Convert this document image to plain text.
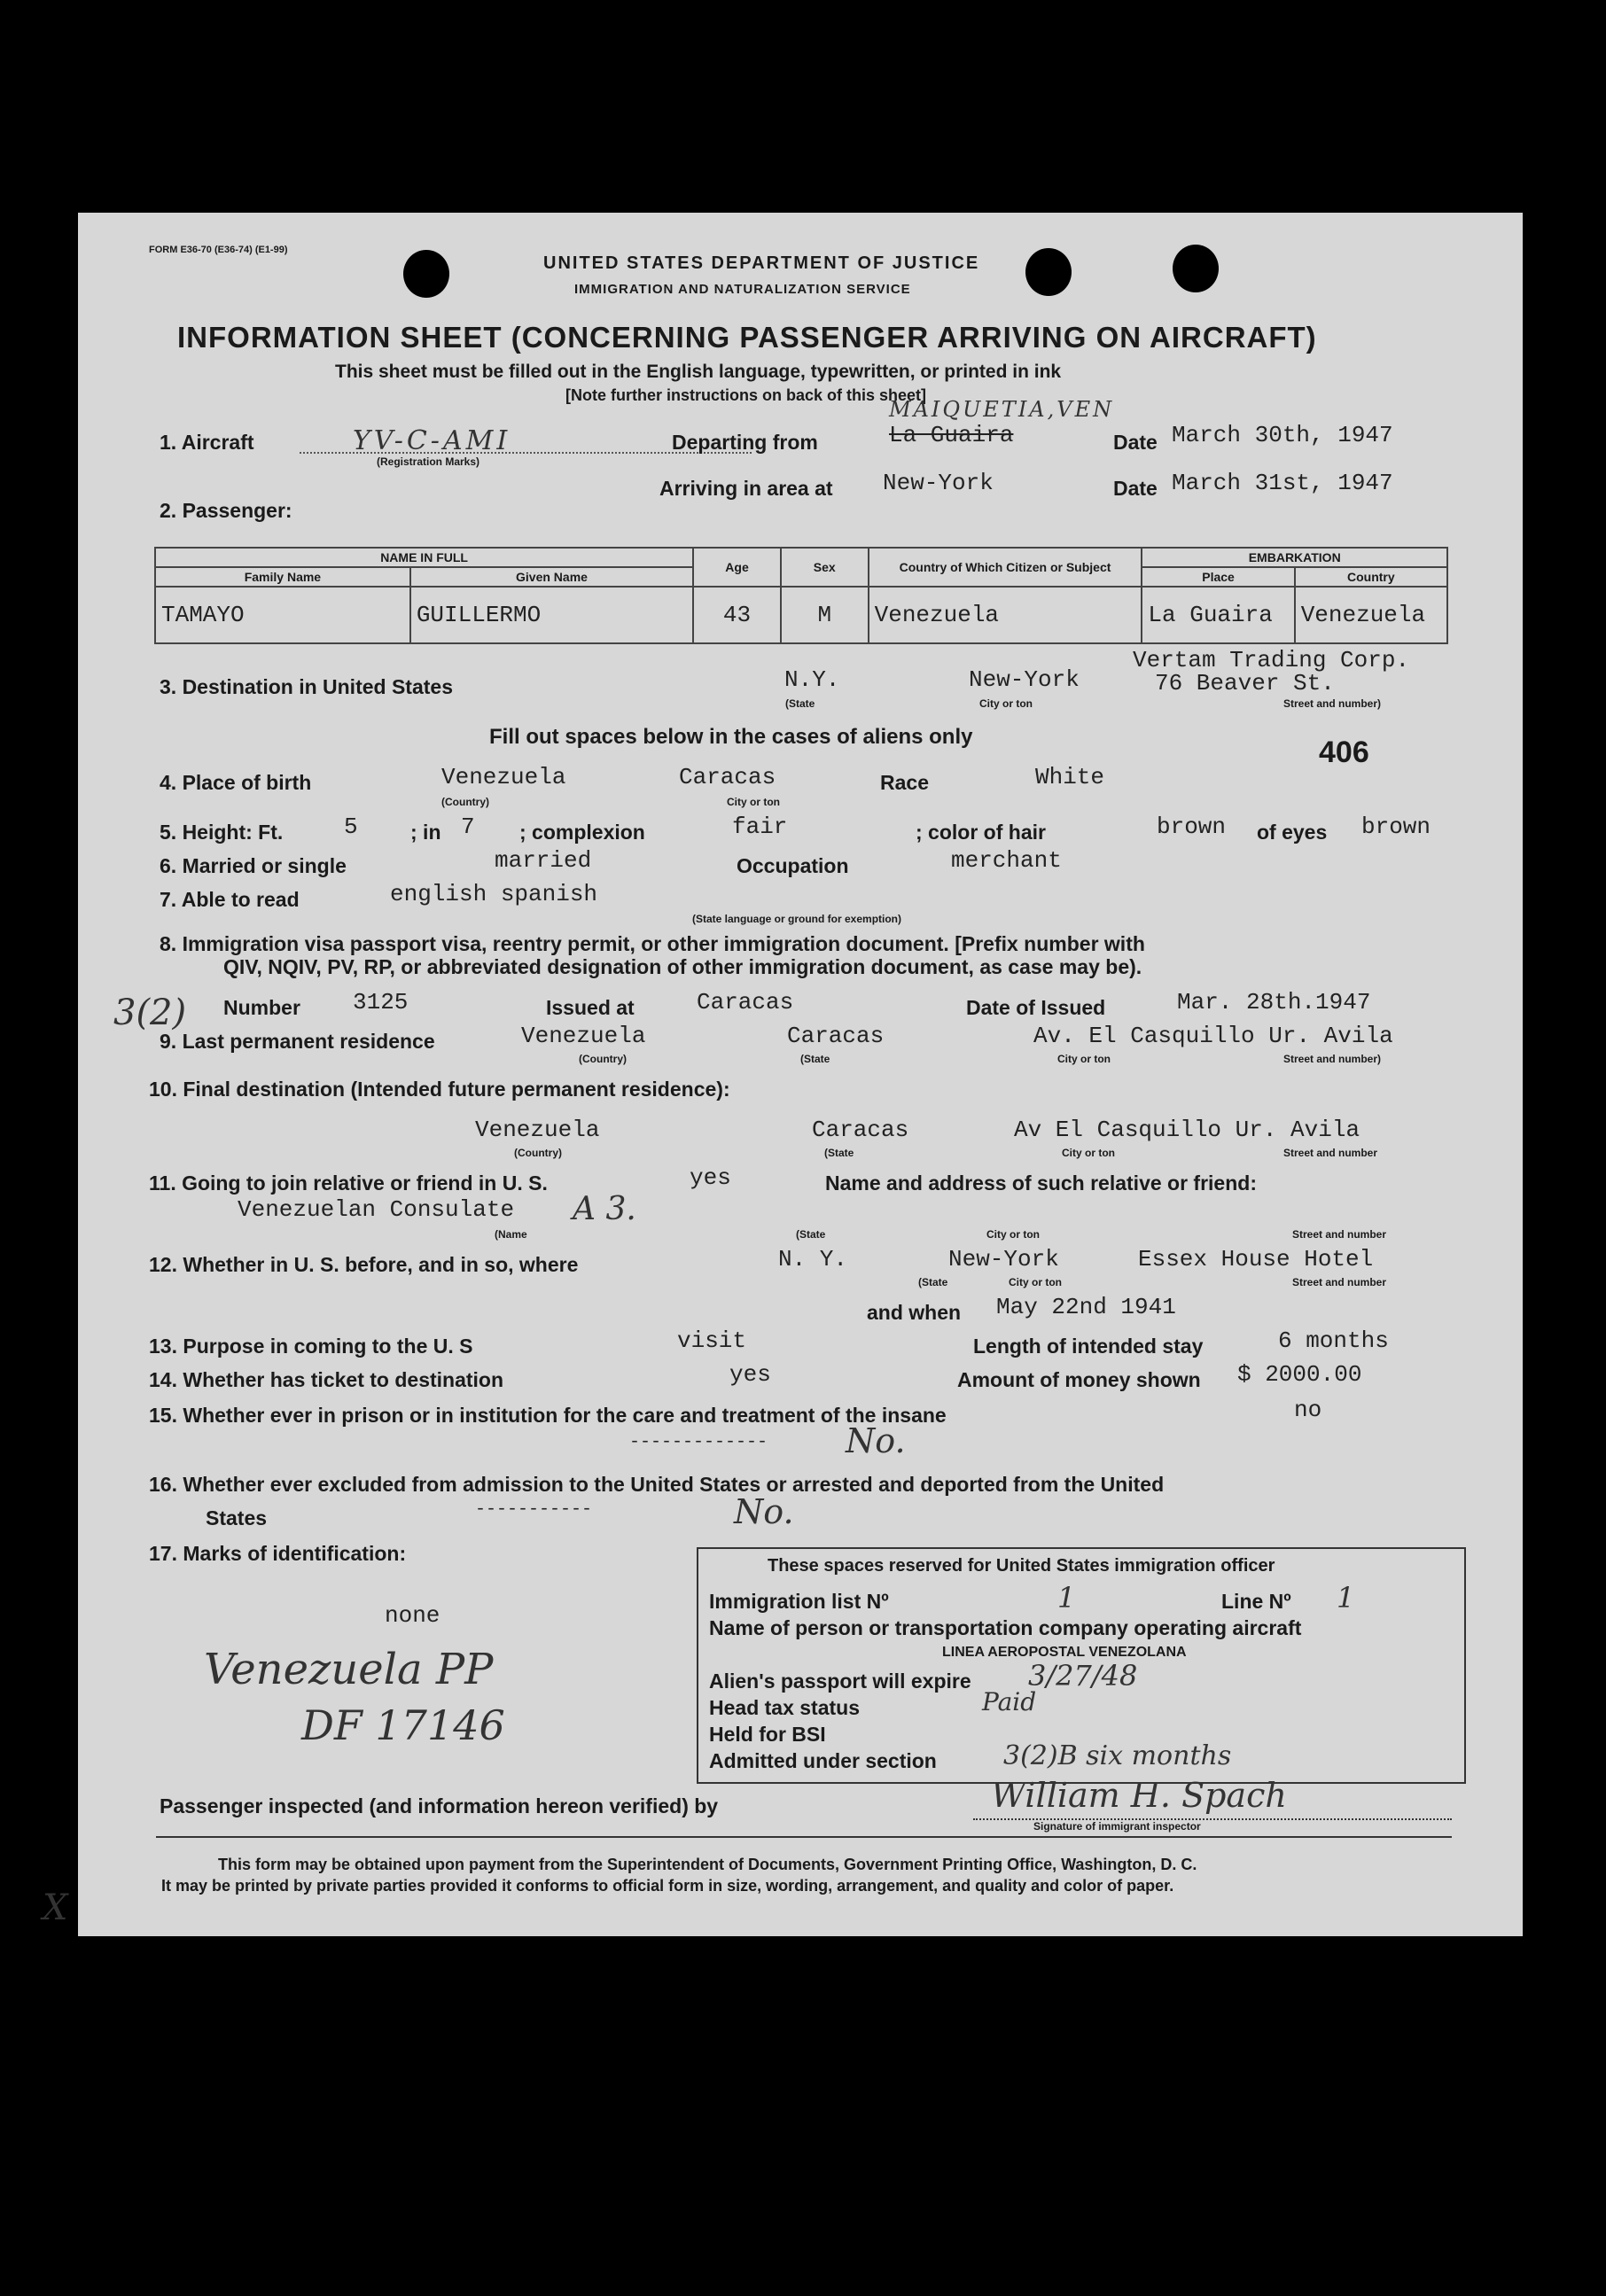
FORM E36-70 (E36-74) (E1-99)
UNITED STATES DEPARTMENT OF JUSTICE
IMMIGRATION AND NATURALIZATION SERVICE
INFORMATION SHEET (CONCERNING PASSENGER ARRIVING ON AIRCRAFT)
This sheet must be filled out in the English language, typewritten, or printed in ink
[Note further instructions on back of this sheet]
1. Aircraft	YV-C-AMI
(Registration Marks)
Departing from	La Guaira
MAIQUETIA,VEN
Date March 30th, 1947
Arriving in area at New-York	Date March 31st, 1947
2. Passenger:
NAME IN FULL		Age	Sex	Country of Which Citizen or Subject	EMBARKATION	
Family Name	Given Name				Place	Country
TAMAYO	GUILLERMO	43	M	Venezuela	La Guaira	Venezuela
3. Destination in United States	N.Y.	New-York
Vertam Trading Corp.
76 Beaver St.
(State	City or ton	Street and number)
Fill out spaces below in the cases of aliens only	406
4. Place of birth	Venezuela	Caracas	Race	White
(Country)	City or ton
5. Height: Ft.	5	; in 7 ; complexion	fair	; color of hair	brown of eyes brown
6. Married or single	married	Occupation	merchant
7. Able to read	english spanish
(State language or ground for exemption)
8. Immigration visa passport visa, reentry permit, or other immigration document. [Prefix number with
QIV, NQIV, PV, RP, or abbreviated designation of other immigration document, as case may be).
3(2) Number 3125	Issued at	Caracas	Date of Issued	Mar. 28th.1947
9. Last permanent residence	Venezuela	Caracas	Av. El Casquillo Ur. Avila
(Country)	(State	City or ton	Street and number)
10. Final destination (Intended future permanent residence):
Venezuela	Caracas	Av El Casquillo Ur. Avila
(Country)	(State	City or ton	Street and number
11. Going to join relative or friend in U. S.	yes	Name and address of such relative or friend:
Venezuelan Consulate A 3.
(Name	(State	City or ton	Street and number
12. Whether in U. S. before, and in so, where	N. Y.	New-York	Essex House Hotel
(State	City or ton	Street and number
and when May 22nd 1941
13. Purpose in coming to the U. S	visit	Length of intended stay	6 months
14. Whether has ticket to destination	yes	Amount of money shown $ 2000.00
15. Whether ever in prison or in institution for the care and treatment of the insane	no
No.
-------------
16. Whether ever excluded from admission to the United States or arrested and deported from the United
States	-----------	No.
17. Marks of identification:
none
Venezuela PP
DF 17146
These spaces reserved for United States immigration officer
Immigration list Nº	1	Line Nº 1
Name of person or transportation company operating aircraft
LINEA AEROPOSTAL VENEZOLANA
Alien's passport will expire 3/27/48
Head tax status	Paid
Held for BSI
Admitted under section	3(2)B six months
Passenger inspected (and information hereon verified) by	William H. Spach
Signature of immigrant inspector
This form may be obtained upon payment from the Superintendent of Documents, Government Printing Office, Washington, D. C.
It may be printed by private parties provided it conforms to official form in size, wording, arrangement, and quality and color of paper.
X
